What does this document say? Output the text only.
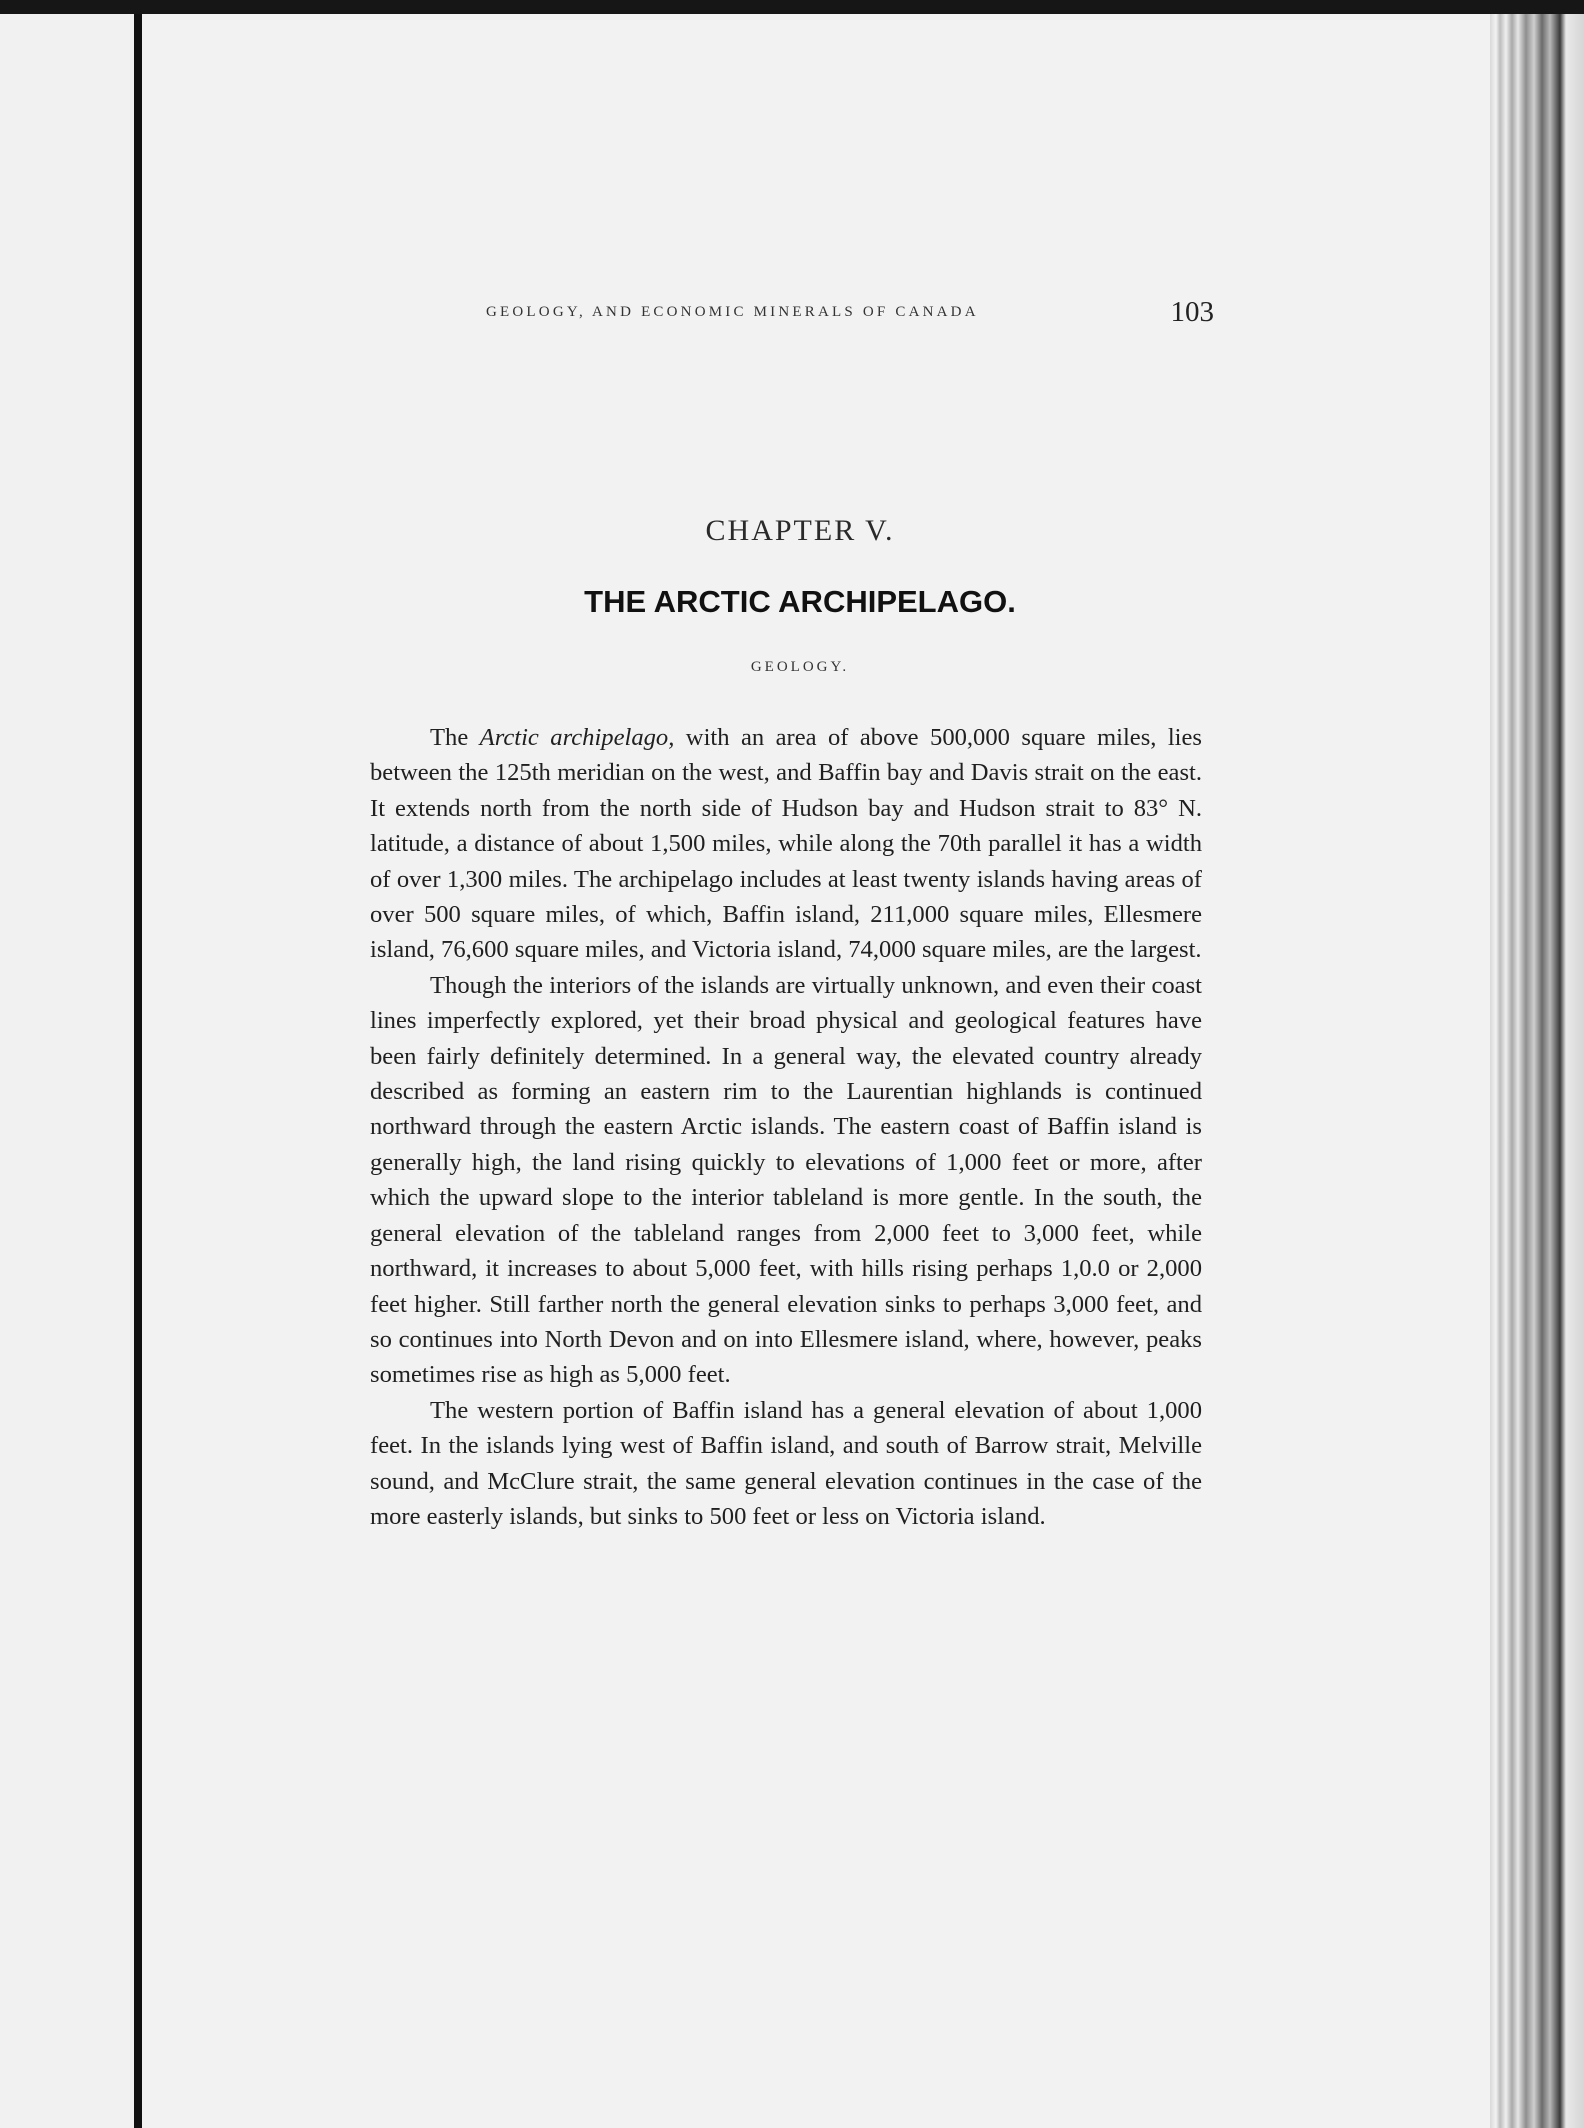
GEOLOGY, AND ECONOMIC MINERALS OF CANADA	103
CHAPTER V.
THE ARCTIC ARCHIPELAGO.
GEOLOGY.

The Arctic archipelago, with an area of above 500,000 square miles, lies between the 125th meridian on the west, and Baffin bay and Davis strait on the east. It extends north from the north side of Hudson bay and Hudson strait to 83° N. latitude, a distance of about 1,500 miles, while along the 70th parallel it has a width of over 1,300 miles. The archipelago includes at least twenty islands having areas of over 500 square miles, of which, Baffin island, 211,000 square miles, Ellesmere island, 76,600 square miles, and Victoria island, 74,000 square miles, are the largest.

Though the interiors of the islands are virtually unknown, and even their coast lines imperfectly explored, yet their broad physical and geological features have been fairly definitely determined. In a general way, the elevated country already described as forming an eastern rim to the Laurentian highlands is continued northward through the eastern Arctic islands. The eastern coast of Baffin island is generally high, the land rising quickly to elevations of 1,000 feet or more, after which the upward slope to the interior tableland is more gentle. In the south, the general elevation of the tableland ranges from 2,000 feet to 3,000 feet, while northward, it increases to about 5,000 feet, with hills rising perhaps 1,0.0 or 2,000 feet higher. Still farther north the general elevation sinks to perhaps 3,000 feet, and so continues into North Devon and on into Ellesmere island, where, however, peaks sometimes rise as high as 5,000 feet.

The western portion of Baffin island has a general elevation of about 1,000 feet. In the islands lying west of Baffin island, and south of Barrow strait, Melville sound, and McClure strait, the same general elevation continues in the case of the more easterly islands, but sinks to 500 feet or less on Victoria island.
